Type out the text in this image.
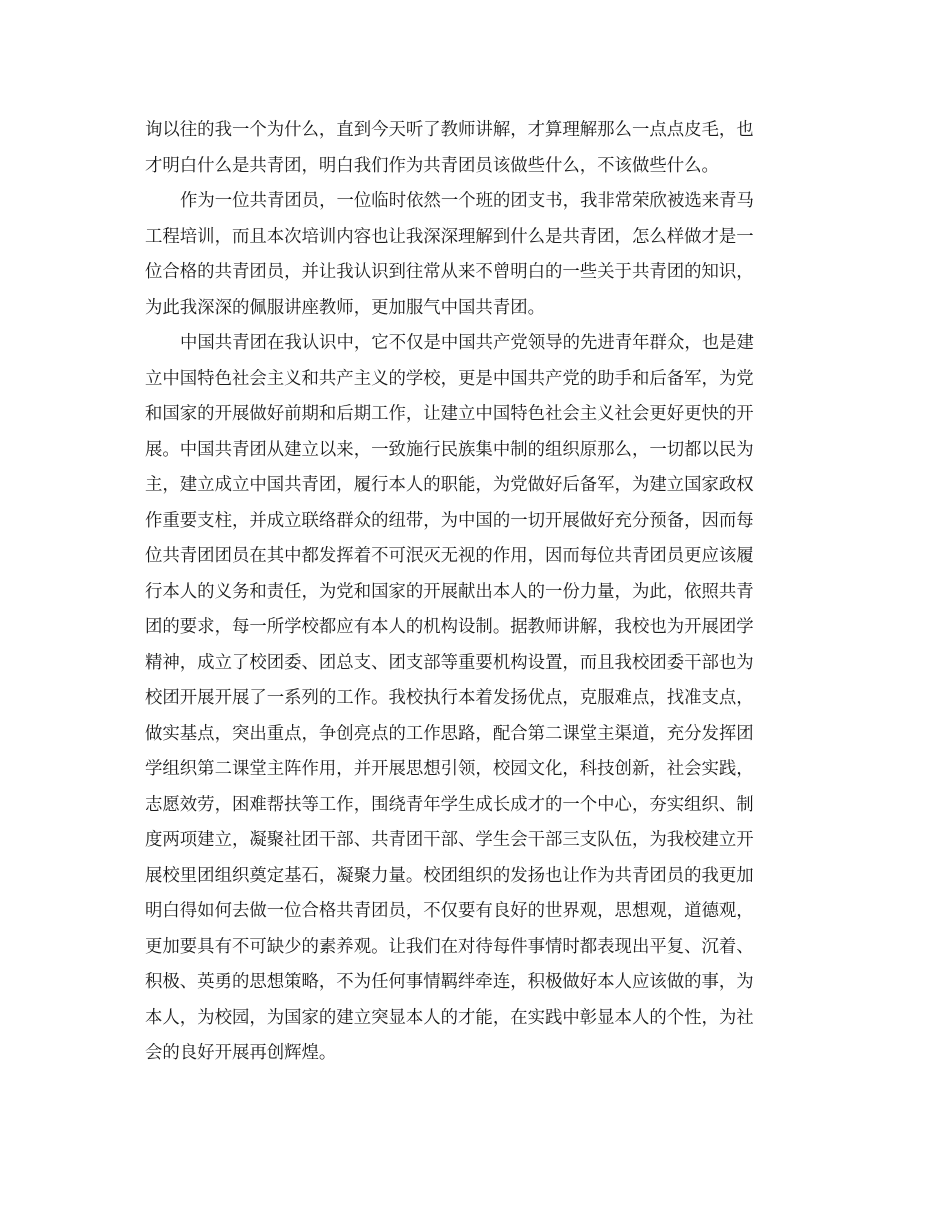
询以往的我一个为什么，直到今天听了教师讲解，才算理解那么一点点皮毛，也
才明白什么是共青团，明白我们作为共青团员该做些什么，不该做些什么。
作为一位共青团员，一位临时依然一个班的团支书，我非常荣欣被选来青马
工程培训，而且本次培训内容也让我深深理解到什么是共青团，怎么样做才是一
位合格的共青团员，并让我认识到往常从来不曾明白的一些关于共青团的知识，
为此我深深的佩服讲座教师，更加服气中国共青团。
中国共青团在我认识中，它不仅是中国共产党领导的先进青年群众，也是建
立中国特色社会主义和共产主义的学校，更是中国共产党的助手和后备军，为党
和国家的开展做好前期和后期工作，让建立中国特色社会主义社会更好更快的开
展。中国共青团从建立以来，一致施行民族集中制的组织原那么，一切都以民为
主，建立成立中国共青团，履行本人的职能，为党做好后备军，为建立国家政权
作重要支柱，并成立联络群众的纽带，为中国的一切开展做好充分预备，因而每
位共青团团员在其中都发挥着不可泯灭无视的作用，因而每位共青团员更应该履
行本人的义务和责任，为党和国家的开展献出本人的一份力量，为此，依照共青
团的要求，每一所学校都应有本人的机构设制。据教师讲解，我校也为开展团学
精神，成立了校团委、团总支、团支部等重要机构设置，而且我校团委干部也为
校团开展开展了一系列的工作。我校执行本着发扬优点，克服难点，找准支点，
做实基点，突出重点，争创亮点的工作思路，配合第二课堂主渠道，充分发挥团
学组织第二课堂主阵作用，并开展思想引领，校园文化，科技创新，社会实践，
志愿效劳，困难帮扶等工作，围绕青年学生成长成才的一个中心，夯实组织、制
度两项建立，凝聚社团干部、共青团干部、学生会干部三支队伍，为我校建立开
展校里团组织奠定基石，凝聚力量。校团组织的发扬也让作为共青团员的我更加
明白得如何去做一位合格共青团员，不仅要有良好的世界观，思想观，道德观，
更加要具有不可缺少的素养观。让我们在对待每件事情时都表现出平复、沉着、
积极、英勇的思想策略，不为任何事情羁绊牵连，积极做好本人应该做的事，为
本人，为校园，为国家的建立突显本人的才能，在实践中彰显本人的个性，为社
会的良好开展再创辉煌。
